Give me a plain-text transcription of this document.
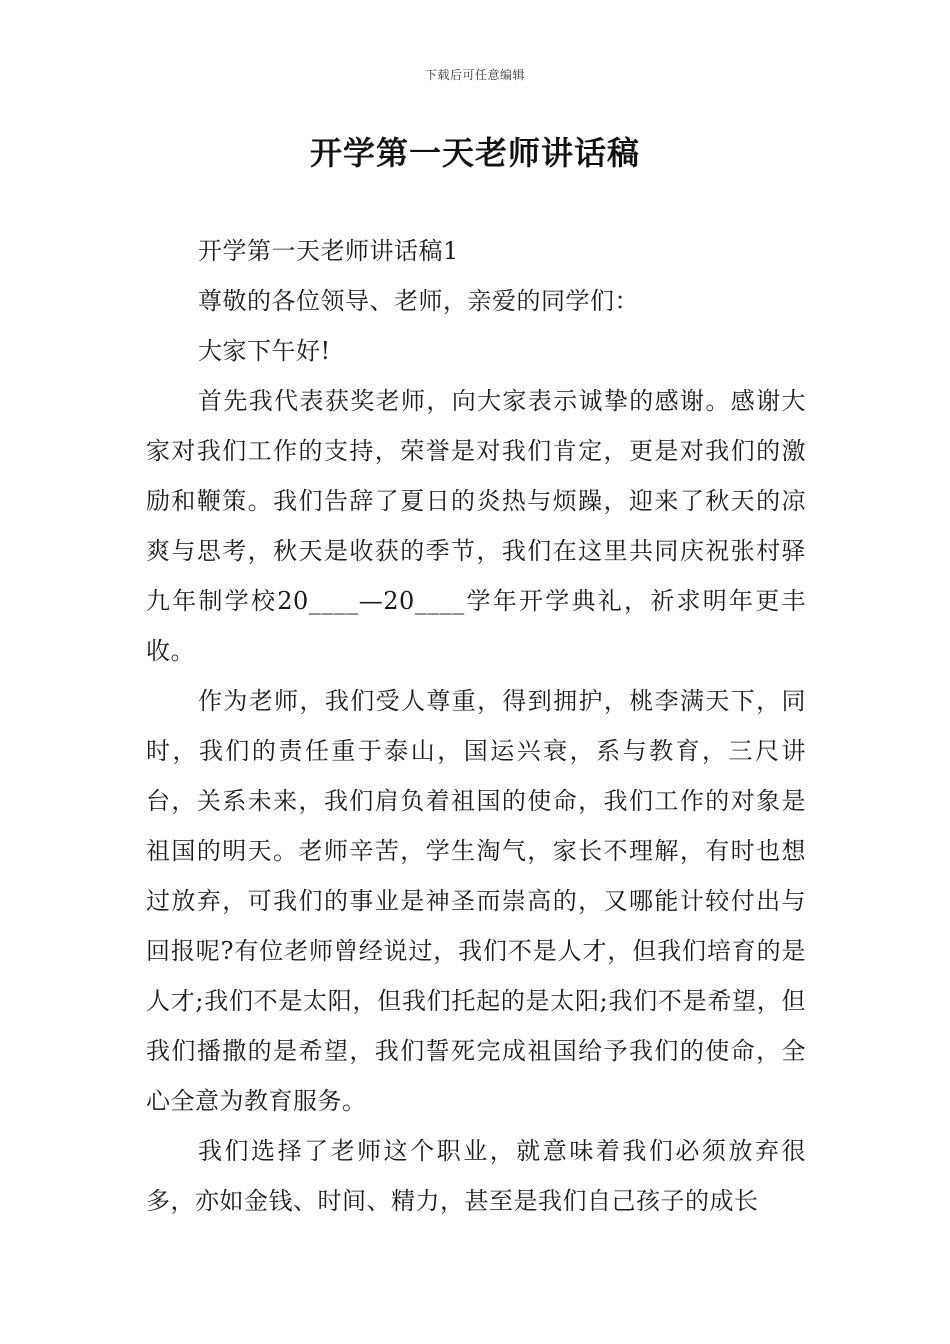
下载后可任意编辑
开学第一天老师讲话稿

开学第一天老师讲话稿1

尊敬的各位领导、老师，亲爱的同学们：

大家下午好!

首先我代表获奖老师，向大家表示诚挚的感谢。感谢大家对我们工作的支持，荣誉是对我们肯定，更是对我们的激励和鞭策。我们告辞了夏日的炎热与烦躁，迎来了秋天的凉爽与思考，秋天是收获的季节，我们在这里共同庆祝张村驿九年制学校20____—20____学年开学典礼，祈求明年更丰收。

作为老师，我们受人尊重，得到拥护，桃李满天下，同时，我们的责任重于泰山，国运兴衰，系与教育，三尺讲台，关系未来，我们肩负着祖国的使命，我们工作的对象是祖国的明天。老师辛苦，学生淘气，家长不理解，有时也想过放弃，可我们的事业是神圣而崇高的，又哪能计较付出与回报呢?有位老师曾经说过，我们不是人才，但我们培育的是人才;我们不是太阳，但我们托起的是太阳;我们不是希望，但我们播撒的是希望，我们誓死完成祖国给予我们的使命，全心全意为教育服务。

我们选择了老师这个职业，就意味着我们必须放弃很多，亦如金钱、时间、精力，甚至是我们自己孩子的成长
